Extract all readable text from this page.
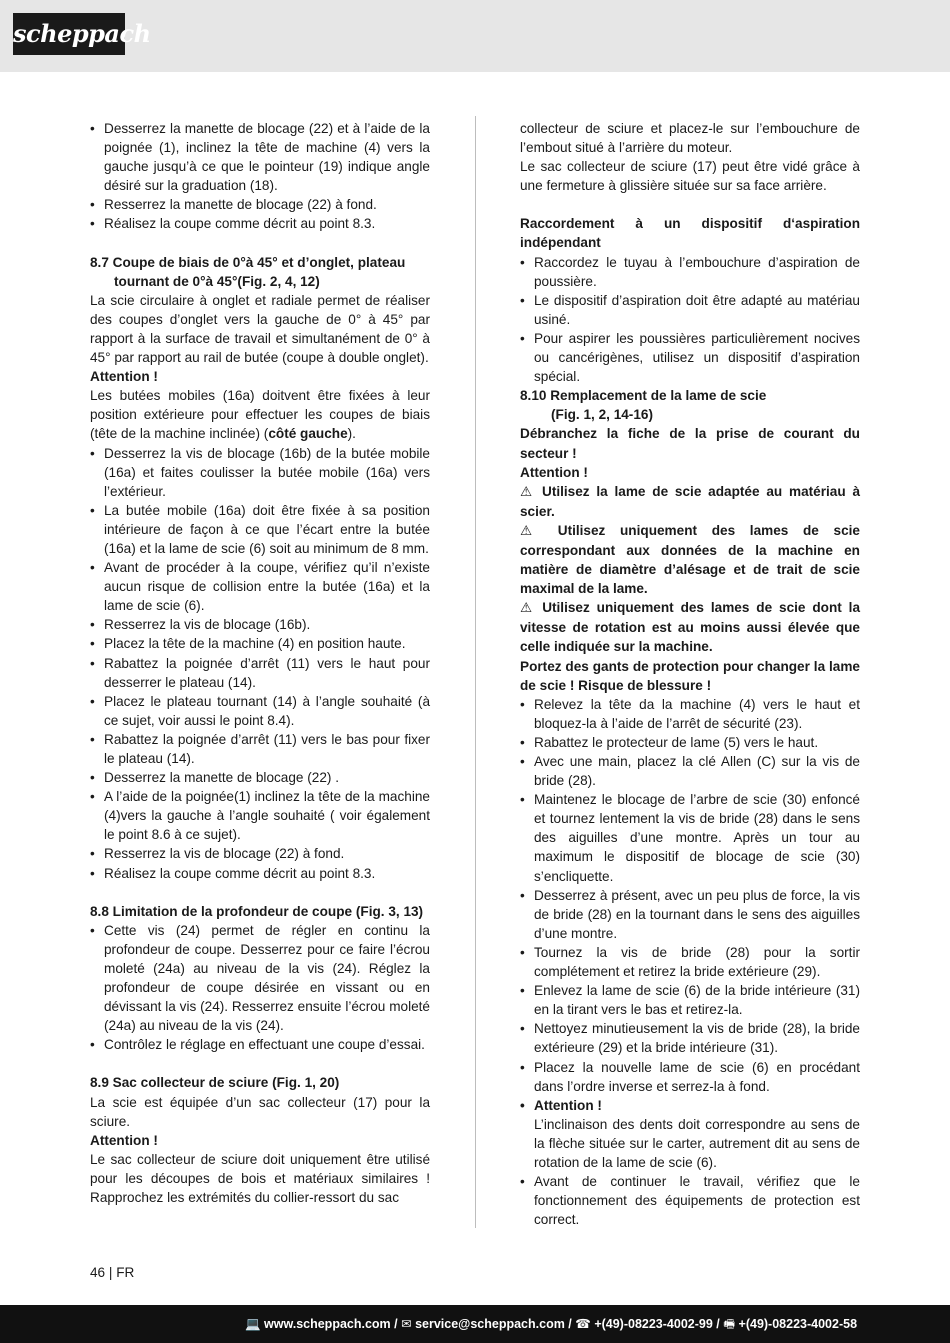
scheppach
• Desserrez la manette de blocage (22) et à l’aide de la poignée (1), inclinez la tête de machine (4) vers la gauche jusqu’à ce que le pointeur (19) indique angle désiré sur la graduation (18).
• Resserrez la manette de blocage (22) à fond.
• Réalisez la coupe comme décrit au point 8.3.

8.7 Coupe de biais de 0°à 45° et d’onglet, plateau tournant de 0°à 45°(Fig. 2, 4, 12)

La scie circulaire à onglet et radiale permet de réaliser des coupes d’onglet vers la gauche de 0° à 45° par rapport à la surface de travail et simultanément de 0° à 45° par rapport au rail de butée (coupe à double onglet).

Attention !

Les butées mobiles (16a) doitvent être fixées à leur position extérieure pour effectuer les coupes de biais (tête de la machine inclinée) (côté gauche).

• Desserrez la vis de blocage (16b) de la butée mobile (16a) et faites coulisser la butée mobile (16a) vers l’extérieur.
• La butée mobile (16a) doit être fixée à sa position intérieure de façon à ce que l’écart entre la butée (16a) et la lame de scie (6) soit au minimum de 8 mm.
• Avant de procéder à la coupe, vérifiez qu’il n’existe aucun risque de collision entre la butée (16a) et la lame de scie (6).
• Resserrez la vis de blocage (16b).
• Placez la tête de la machine (4) en position haute.
• Rabattez la poignée d’arrêt (11) vers le haut pour desserrer le plateau (14).
• Placez le plateau tournant (14) à l’angle souhaité (à ce sujet, voir aussi le point 8.4).
• Rabattez la poignée d’arrêt (11) vers le bas pour fixer le plateau (14).
• Desserrez la manette de blocage (22) .
• A l’aide de la poignée(1) inclinez la tête de la machine (4)vers la gauche à l’angle souhaité ( voir également le point 8.6 à ce sujet).
• Resserrez la vis de blocage (22) à fond.
• Réalisez la coupe comme décrit au point 8.3.

8.8 Limitation de la profondeur de coupe (Fig. 3, 13)

• Cette vis (24) permet de régler en continu la profondeur de coupe. Desserrez pour ce faire l’écrou moleté (24a) au niveau de la vis (24). Réglez la profondeur de coupe désirée en vissant ou en dévissant la vis (24). Resserrez ensuite l’écrou moleté (24a) au niveau de la vis (24).
• Contrôlez le réglage en effectuant une coupe d’essai.

8.9 Sac collecteur de sciure (Fig. 1, 20)

La scie est équipée d’un sac collecteur (17) pour la sciure.

Attention !

Le sac collecteur de sciure doit uniquement être utilisé pour les découpes de bois et matériaux similaires ! Rapprochez les extrémités du collier-ressort du sac

collecteur de sciure et placez-le sur l’embouchure de l’embout situé à l’arrière du moteur.

Le sac collecteur de sciure (17) peut être vidé grâce à une fermeture à glissière située sur sa face arrière.

Raccordement à un dispositif d‘aspiration indépendant

• Raccordez le tuyau à l’embouchure d’aspiration de poussière.
• Le dispositif d’aspiration doit être adapté au matériau usiné.
• Pour aspirer les poussières particulièrement nocives ou cancérigènes, utilisez un dispositif d’aspiration spécial.

8.10 Remplacement de la lame de scie

(Fig. 1, 2, 14-16)

Débranchez la fiche de la prise de courant du secteur !

Attention !

⚠ Utilisez la lame de scie adaptée au matériau à scier.

⚠ Utilisez uniquement des lames de scie correspondant aux données de la machine en matière de diamètre d’alésage et de trait de scie maximal de la lame.

⚠ Utilisez uniquement des lames de scie dont la vitesse de rotation est au moins aussi élevée que celle indiquée sur la machine.

Portez des gants de protection pour changer la lame de scie ! Risque de blessure !

• Relevez la tête da la machine (4) vers le haut et bloquez-la à l’aide de l’arrêt de sécurité (23).
• Rabattez le protecteur de lame (5) vers le haut.
• Avec une main, placez la clé Allen (C) sur la vis de bride (28).
• Maintenez le blocage de l’arbre de scie (30) enfoncé et tournez lentement la vis de bride (28) dans le sens des aiguilles d’une montre. Après un tour au maximum le dispositif de blocage de scie (30) s’encliquette.
• Desserrez à présent, avec un peu plus de force, la vis de bride (28) en la tournant dans le sens des aiguilles d’une montre.
• Tournez la vis de bride (28) pour la sortir complétement et retirez la bride extérieure (29).
• Enlevez la lame de scie (6) de la bride intérieure (31) en la tirant vers le bas et retirez-la.
• Nettoyez minutieusement la vis de bride (28), la bride extérieure (29) et la bride intérieure (31).
• Placez la nouvelle lame de scie (6) en procédant dans l’ordre inverse et serrez-la à fond.
• Attention !

L’inclinaison des dents doit correspondre au sens de la flèche située sur le carter, autrement dit au sens de rotation de la lame de scie (6).

• Avant de continuer le travail, vérifiez que le fonctionnement des équipements de protection est correct.
46 | FR
💻 www.scheppach.com / ✉ service@scheppach.com / ☎ +(49)-08223-4002-99 / 🖷 +(49)-08223-4002-58
